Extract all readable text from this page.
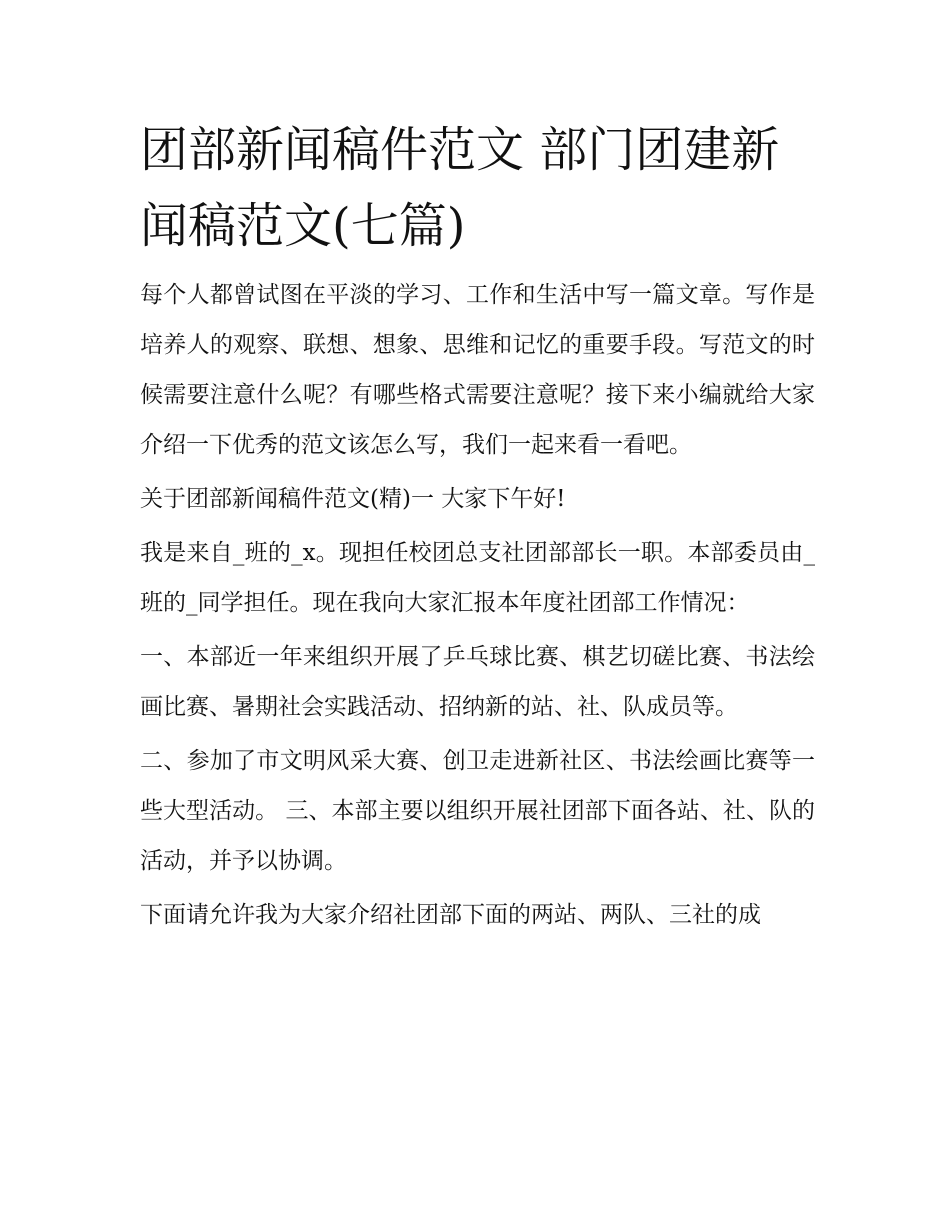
团部新闻稿件范文 部门团建新闻稿范文(七篇)

每个人都曾试图在平淡的学习、工作和生活中写一篇文章。写作是培养人的观察、联想、想象、思维和记忆的重要手段。写范文的时候需要注意什么呢？有哪些格式需要注意呢？接下来小编就给大家介绍一下优秀的范文该怎么写，我们一起来看一看吧。

关于团部新闻稿件范文(精)一 大家下午好!

我是来自_班的_x。现担任校团总支社团部部长一职。本部委员由_班的_同学担任。现在我向大家汇报本年度社团部工作情况：

一、本部近一年来组织开展了乒乓球比赛、棋艺切磋比赛、书法绘画比赛、暑期社会实践活动、招纳新的站、社、队成员等。

二、参加了市文明风采大赛、创卫走进新社区、书法绘画比赛等一些大型活动。 三、本部主要以组织开展社团部下面各站、社、队的活动，并予以协调。

下面请允许我为大家介绍社团部下面的两站、两队、三社的成
